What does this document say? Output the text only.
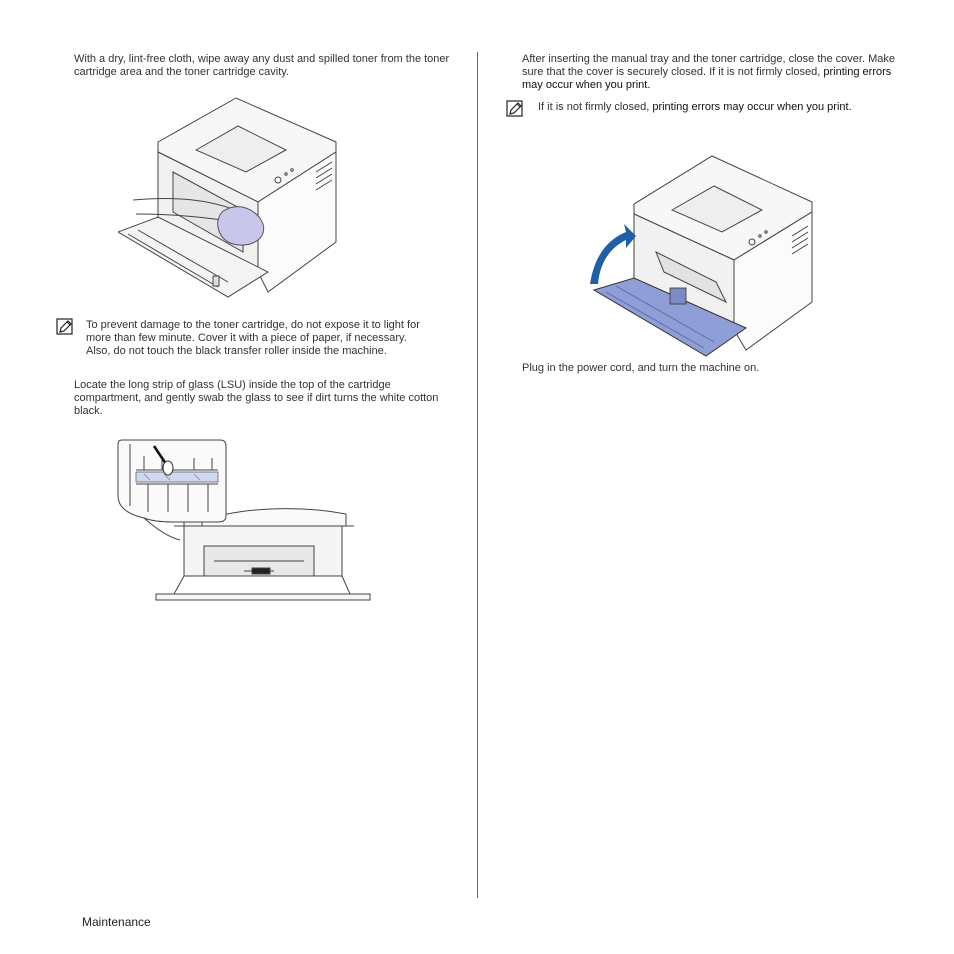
With a dry, lint-free cloth, wipe away any dust and spilled toner from the toner cartridge area and the toner cartridge cavity.

To prevent damage to the toner cartridge, do not expose it to light for more than few minute. Cover it with a piece of paper, if necessary. Also, do not touch the black transfer roller inside the machine.

Locate the long strip of glass (LSU) inside the top of the cartridge compartment, and gently swab the glass to see if dirt turns the white cotton black.

After inserting the manual tray and the toner cartridge, close the cover. Make sure that the cover is securely closed. If it is not firmly closed, printing errors may occur when you print.

If it is not firmly closed, printing errors may occur when you print.

Plug in the power cord, and turn the machine on.

Maintenance
